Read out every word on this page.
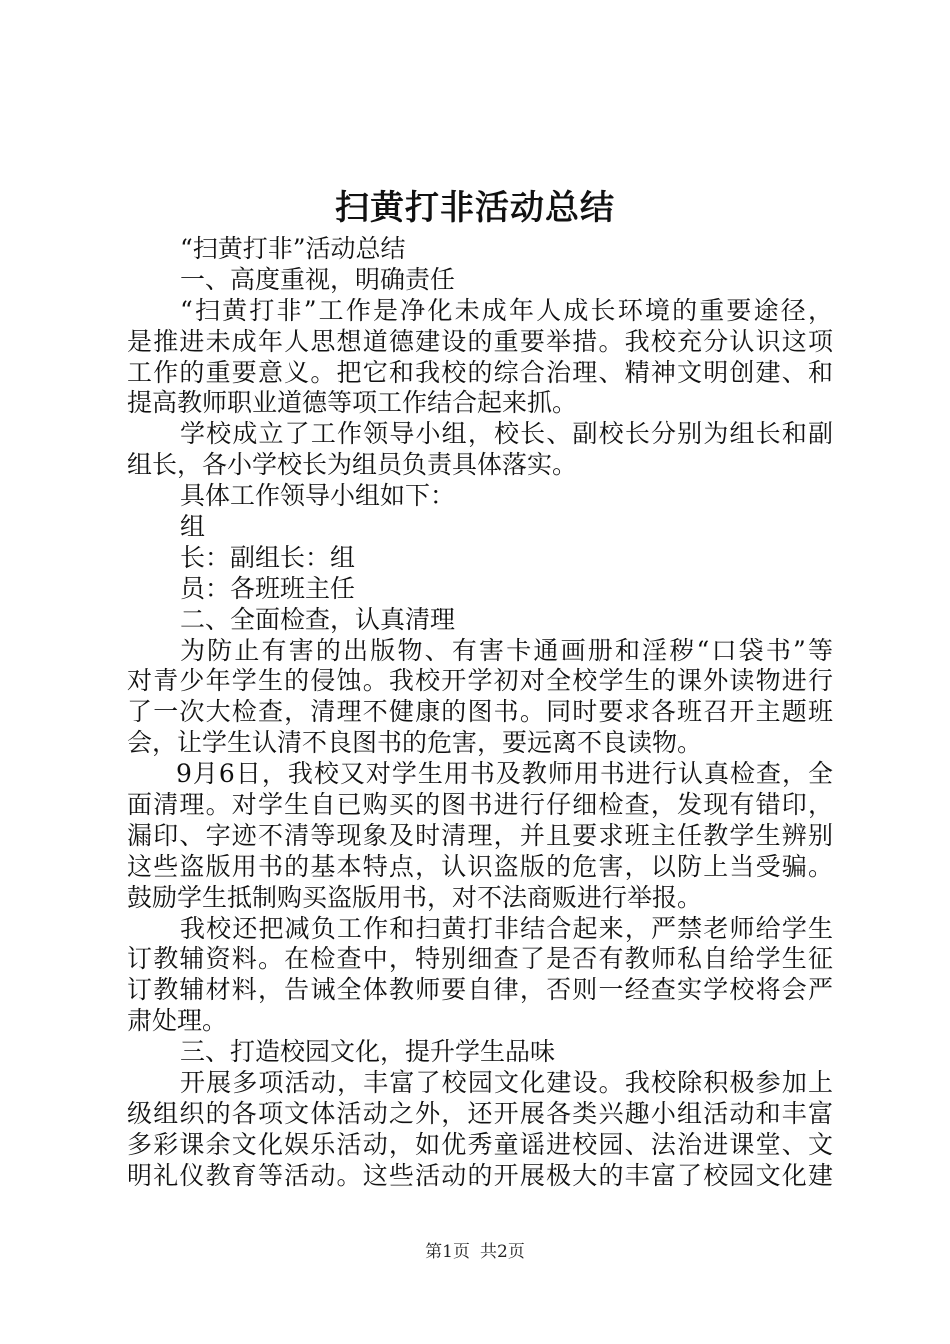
扫黄打非活动总结
“扫黄打非”活动总结
一、高度重视，明确责任
“扫黄打非”工作是净化未成年人成长环境的重要途径，
是推进未成年人思想道德建设的重要举措。我校充分认识这项
工作的重要意义。把它和我校的综合治理、精神文明创建、和
提高教师职业道德等项工作结合起来抓。
学校成立了工作领导小组，校长、副校长分别为组长和副
组长，各小学校长为组员负责具体落实。
具体工作领导小组如下：
组
长：副组长：组
员：各班班主任
二、全面检查，认真清理
为防止有害的出版物、有害卡通画册和淫秽“口袋书”等
对青少年学生的侵蚀。我校开学初对全校学生的课外读物进行
了一次大检查，清理不健康的图书。同时要求各班召开主题班
会，让学生认清不良图书的危害，要远离不良读物。
9月6日，我校又对学生用书及教师用书进行认真检查，全
面清理。对学生自已购买的图书进行仔细检查，发现有错印，
漏印、字迹不清等现象及时清理，并且要求班主任教学生辨别
这些盗版用书的基本特点，认识盗版的危害，以防上当受骗。
鼓励学生抵制购买盗版用书，对不法商贩进行举报。
我校还把减负工作和扫黄打非结合起来，严禁老师给学生
订教辅资料。在检查中，特别细查了是否有教师私自给学生征
订教辅材料，告诫全体教师要自律，否则一经查实学校将会严
肃处理。
三、打造校园文化，提升学生品味
开展多项活动，丰富了校园文化建设。我校除积极参加上
级组织的各项文体活动之外，还开展各类兴趣小组活动和丰富
多彩课余文化娱乐活动，如优秀童谣进校园、法治进课堂、文
明礼仪教育等活动。这些活动的开展极大的丰富了校园文化建
第1页 共2页
